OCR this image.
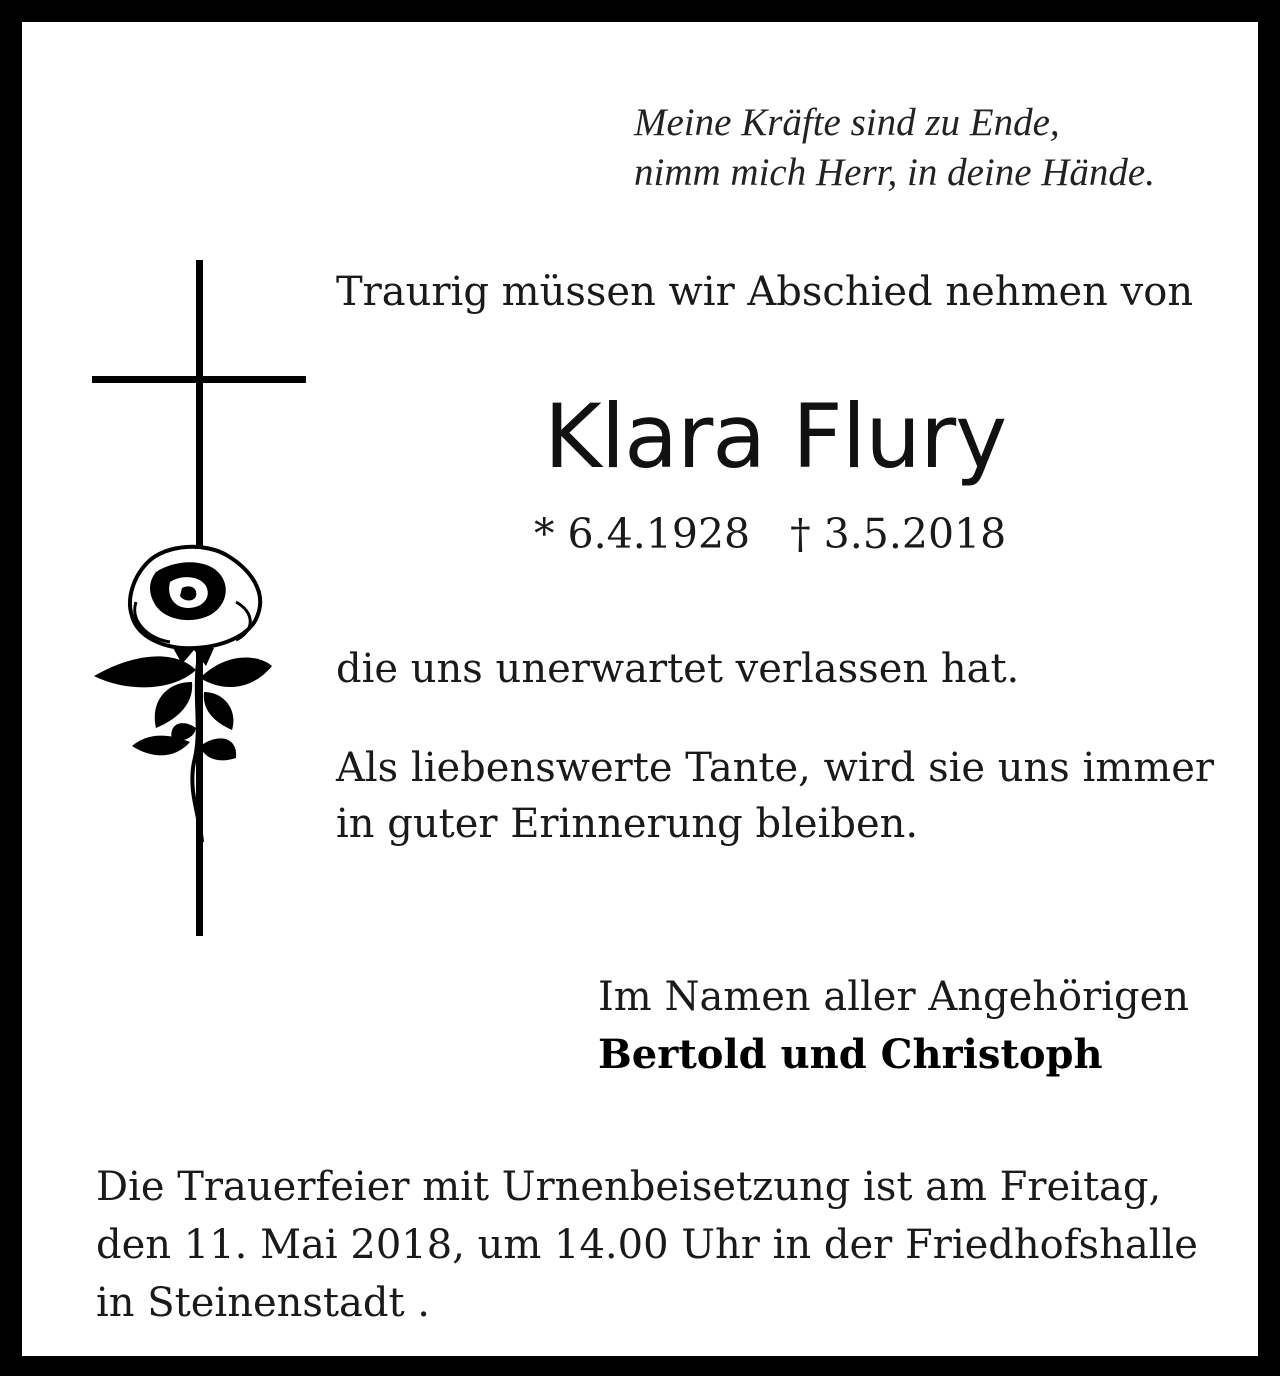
Meine Kräfte sind zu Ende,
nimm mich Herr, in deine Hände.
Traurig müssen wir Abschied nehmen von
Klara Flury
* 6.4.1928 † 3.5.2018
die uns unerwartet verlassen hat.
Als liebenswerte Tante, wird sie uns immer
in guter Erinnerung bleiben.
Im Namen aller Angehörigen
Bertold und Christoph
Die Trauerfeier mit Urnenbeisetzung ist am Freitag,
den 11. Mai 2018, um 14.00 Uhr in der Friedhofshalle
in Steinenstadt .
